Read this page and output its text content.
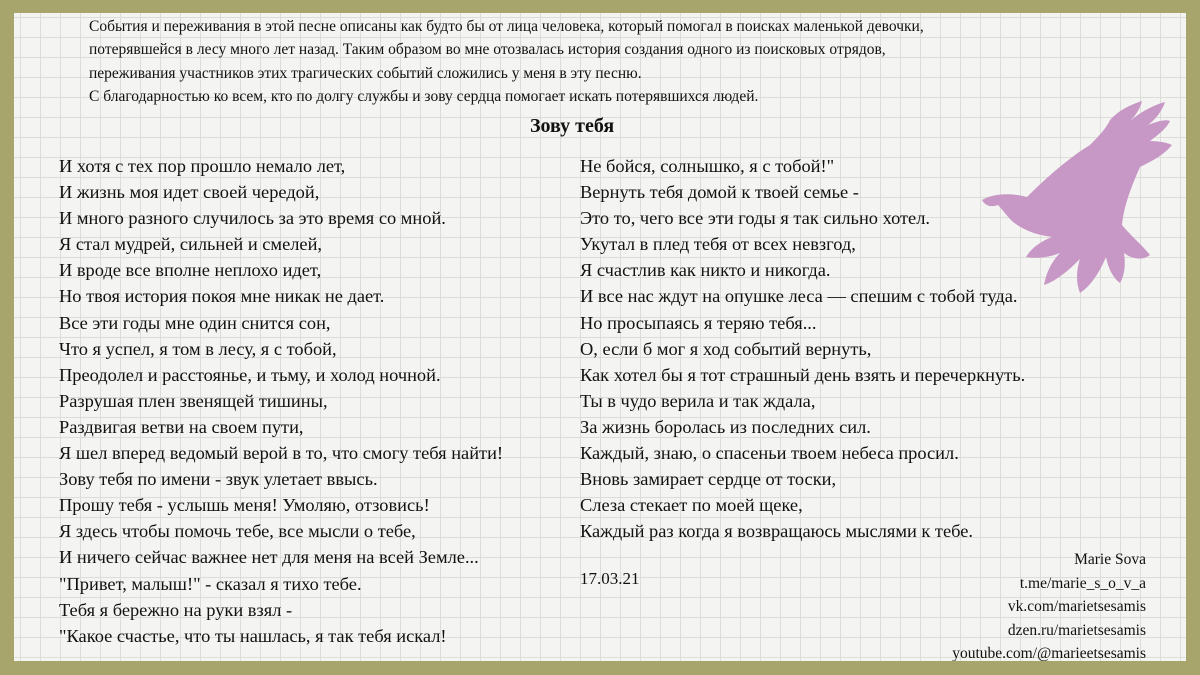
События и переживания в этой песне описаны как будто бы от лица человека, который помогал в поисках маленькой девочки,
потерявшейся в лесу много лет назад. Таким образом во мне отозвалась история создания одного из поисковых отрядов,
переживания участников этих трагических событий сложились у меня в эту песню.
С благодарностью ко всем, кто по долгу службы и зову сердца помогает искать потерявшихся людей.
Зову тебя
И хотя с тех пор прошло немало лет,
И жизнь моя идет своей чередой,
И много разного случилось за это время со мной.
Я стал мудрей, сильней и смелей,
И вроде все вполне неплохо идет,
Но твоя история покоя мне никак не дает.
Все эти годы мне один снится сон,
Что я успел, я том в лесу, я с тобой,
Преодолел и расстоянье, и тьму, и холод ночной.
Разрушая плен звенящей тишины,
Раздвигая ветви на своем пути,
Я шел вперед ведомый верой в то, что смогу тебя найти!
Зову тебя по имени - звук улетает ввысь.
Прошу тебя - услышь меня! Умоляю, отзовись!
Я здесь чтобы помочь тебе, все мысли о тебе,
И ничего сейчас важнее нет для меня на всей Земле...
"Привет, малыш!" - сказал я тихо тебе.
Тебя я бережно на руки взял -
"Какое счастье, что ты нашлась, я так тебя искал!
Не бойся, солнышко, я с тобой!"
Вернуть тебя домой к твоей семье -
Это то, чего все эти годы я так сильно хотел.
Укутал в плед тебя от всех невзгод,
Я счастлив как никто и никогда.
И все нас ждут на опушке леса — спешим с тобой туда.
Но просыпаясь я теряю тебя...
О, если б мог я ход событий вернуть,
Как хотел бы я тот страшный день взять и перечеркнуть.
Ты в чудо верила и так ждала,
За жизнь боролась из последних сил.
Каждый, знаю, о спасеньи твоем небеса просил.
Вновь замирает сердце от тоски,
Слеза стекает по моей щеке,
Каждый раз когда я возвращаюсь мыслями к тебе.
17.03.21
Marie Sova
t.me/marie_s_o_v_a
vk.com/marietsesamis
dzen.ru/marietsesamis
youtube.com/@marieetsesamis
